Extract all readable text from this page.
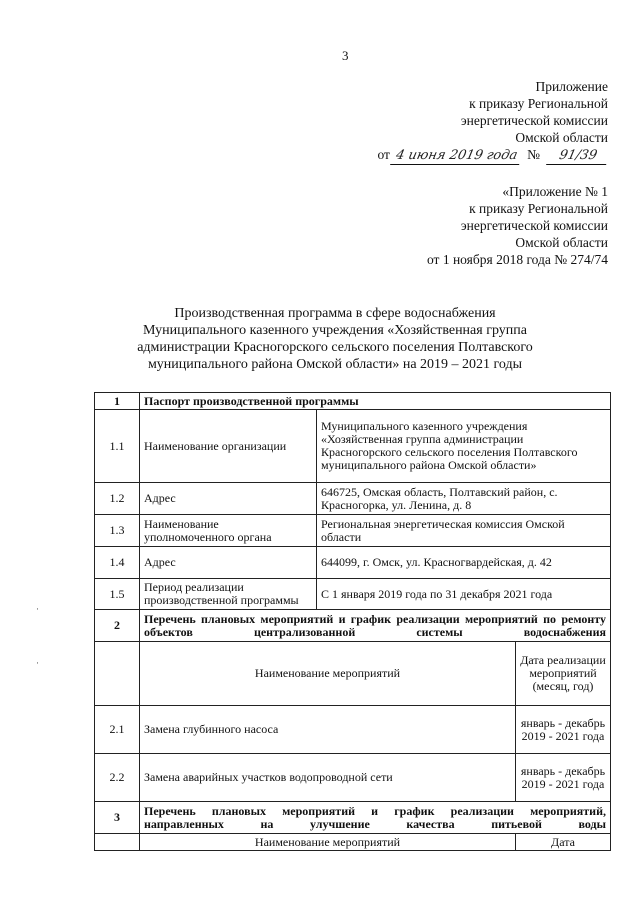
3
Приложение
к приказу Региональной
энергетической комиссии
Омской области
от 4 июня 2019 года №	91/39
«Приложение № 1
к приказу Региональной
энергетической комиссии
Омской области
от 1 ноября 2018 года № 274/74
Производственная программа в сфере водоснабжения
Муниципального казенного учреждения «Хозяйственная группа
администрации Красногорского сельского поселения Полтавского
муниципального района Омской области» на 2019 – 2021 годы
·
·
1	Паспорт производственной программы		
1.1	Наименование организации	Муниципального казенного учреждения «Хозяйственная группа администрации Красногорского сельского поселения Полтавского муниципального района Омской области»	
1.2	Адрес	646725, Омская область, Полтавский район, с. Красногорка, ул. Ленина, д. 8	
1.3	Наименование уполномоченного органа	Региональная энергетическая комиссия Омской области	
1.4	Адрес	644099, г. Омск, ул. Красногвардейская, д. 42	
1.5	Период реализации производственной программы	С 1 января 2019 года по 31 декабря 2021 года	
2	Перечень плановых мероприятий и график реализации мероприятий по ремонту объектов централизованной системы водоснабжения		
	Наименование мероприятий		Дата реализации мероприятий (месяц, год)
2.1	Замена глубинного насоса		январь - декабрь 2019 - 2021 года
2.2	Замена аварийных участков водопроводной сети		январь - декабрь 2019 - 2021 года
3	Перечень плановых мероприятий и график реализации мероприятий, направленных на улучшение качества питьевой воды		
	Наименование мероприятий		Дата
